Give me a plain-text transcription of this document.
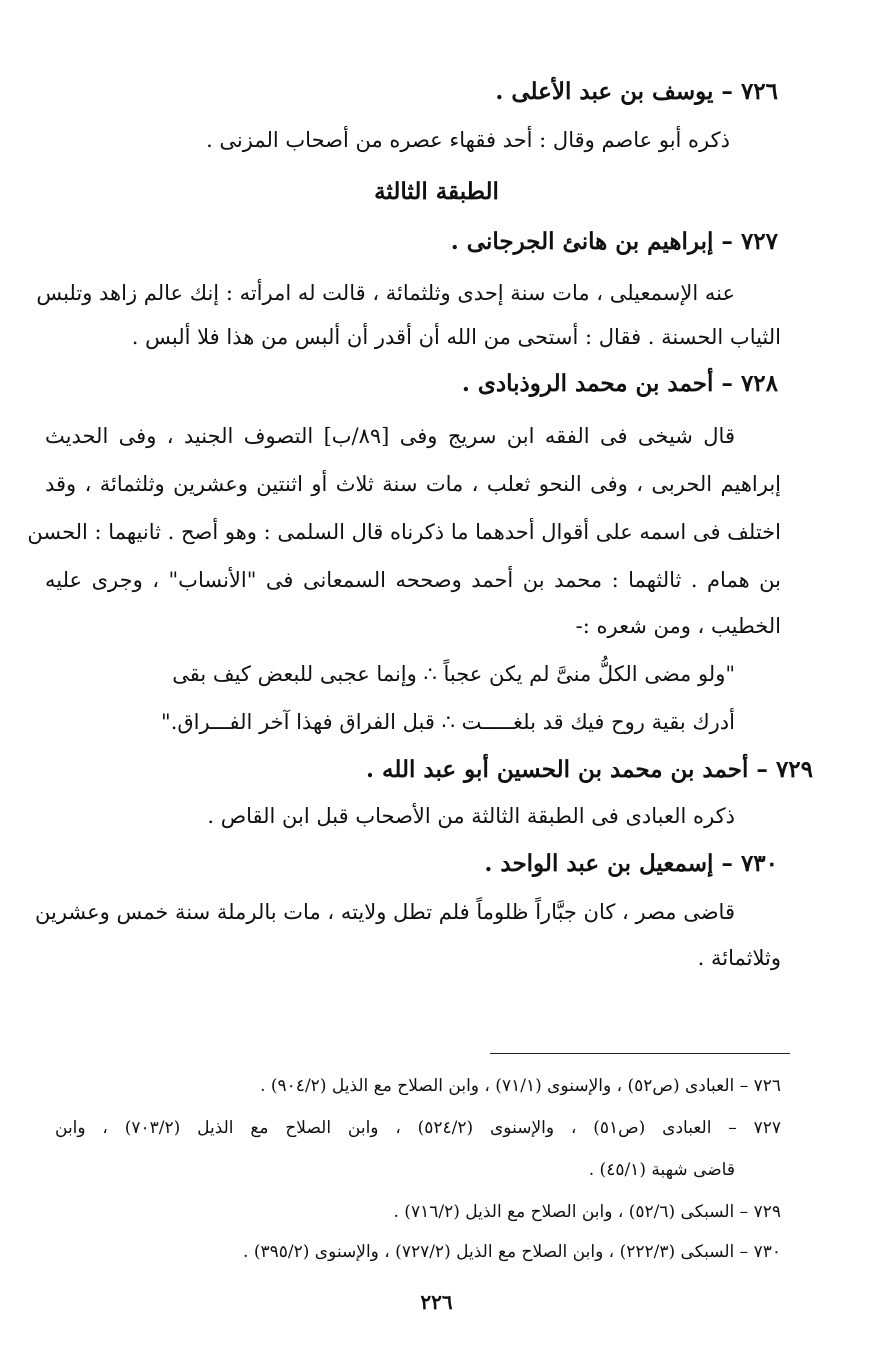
٧٢٦ – يوسف بن عبد الأعلى .
ذكره أبو عاصم وقال : أحد فقهاء عصره من أصحاب المزنى .
الطبقة الثالثة
٧٢٧ – إبراهيم بن هانئ الجرجانى .
عنه الإسمعيلى ، مات سنة إحدى وثلثمائة ، قالت له امرأته : إنك عالم زاهد وتلبس
الثياب الحسنة . فقال : أستحى من الله أن أقدر أن ألبس من هذا فلا ألبس .
٧٢٨ – أحمد بن محمد الروذبادى .
قال شيخى فى الفقه ابن سريج وفى [٨٩/ب] التصوف الجنيد ، وفى الحديث
إبراهيم الحربى ، وفى النحو ثعلب ، مات سنة ثلاث أو اثنتين وعشرين وثلثمائة ، وقد
اختلف فى اسمه على أقوال أحدهما ما ذكرناه قال السلمى : وهو أصح . ثانيهما : الحسن
بن همام . ثالثهما : محمد بن أحمد وصححه السمعانى فى "الأنساب" ، وجرى عليه
الخطيب ، ومن شعره :-
"ولو مضى الكلُّ منىَّ لم يكن عجباً ∴ وإنما عجبى للبعض كيف بقى
أدرك بقية روح فيك قد بلغـــــت ∴ قبل الفراق فهذا آخر الفـــراق."
٧٢٩ – أحمد بن محمد بن الحسين أبو عبد الله .
ذكره العبادى فى الطبقة الثالثة من الأصحاب قبل ابن القاص .
٧٣٠ – إسمعيل بن عبد الواحد .
قاضى مصر ، كان جبَّاراً ظلوماً فلم تطل ولايته ، مات بالرملة سنة خمس وعشرين
وثلاثمائة .
٧٢٦ – العبادى (ص٥٢) ، والإسنوى (٧١/١) ، وابن الصلاح مع الذيل (٩٠٤/٢) .
٧٢٧ – العبادى (ص٥١) ، والإسنوى (٥٢٤/٢) ، وابن الصلاح مع الذيل (٧٠٣/٢) ، وابن
قاضى شهبة (٤٥/١) .
٧٢٩ – السبكى (٥٢/٦) ، وابن الصلاح مع الذيل (٧١٦/٢) .
٧٣٠ – السبكى (٢٢٢/٣) ، وابن الصلاح مع الذيل (٧٢٧/٢) ، والإسنوى (٣٩٥/٢) .
٢٢٦
